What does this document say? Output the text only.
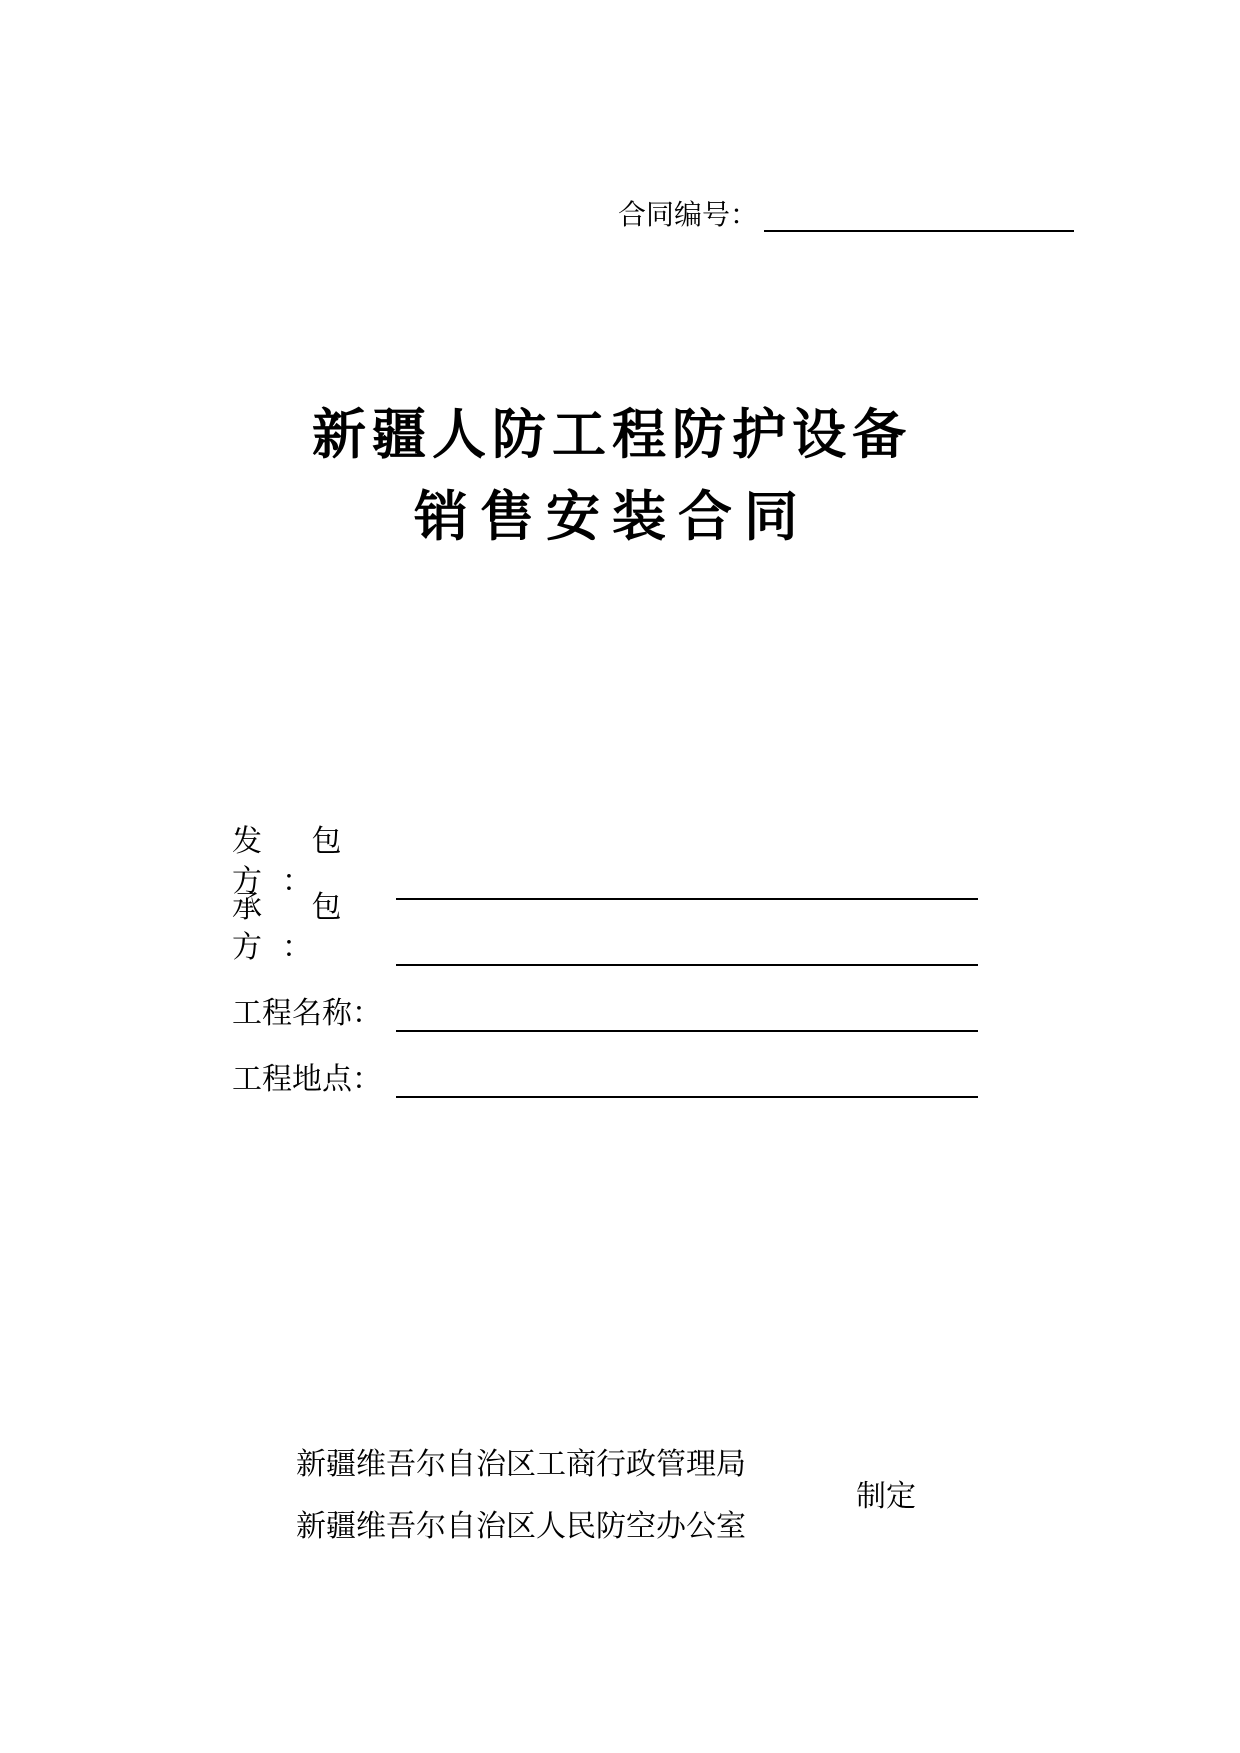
合同编号：
新疆人防工程防护设备
销售安装合同
发 包 方：
承 包 方：
工程名称：
工程地点：
新疆维吾尔自治区工商行政管理局
新疆维吾尔自治区人民防空办公室
制定
